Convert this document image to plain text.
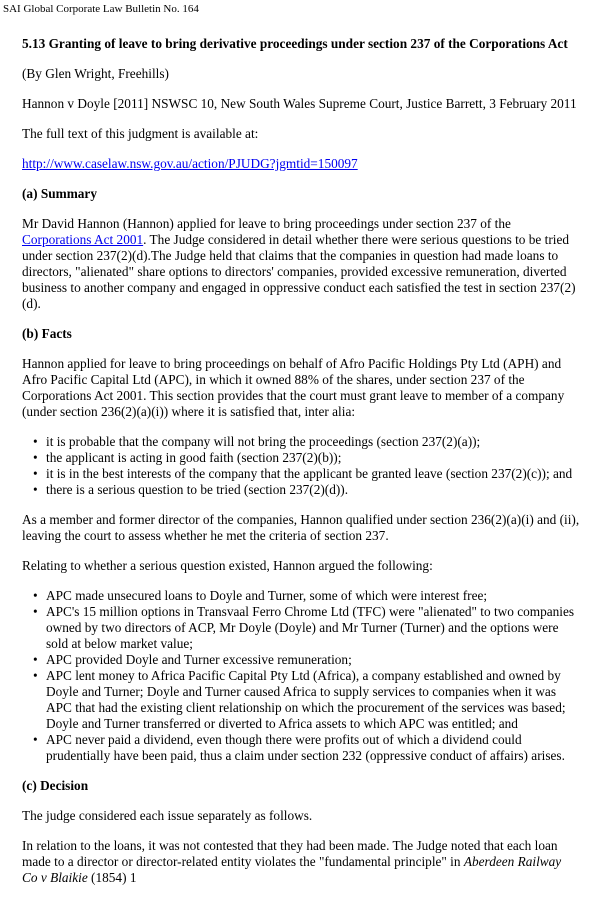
SAI Global Corporate Law Bulletin No. 164
5.13 Granting of leave to bring derivative proceedings under section 237 of the Corporations Act

(By Glen Wright, Freehills)

Hannon v Doyle [2011] NSWSC 10, New South Wales Supreme Court, Justice Barrett, 3 February 2011

The full text of this judgment is available at:

http://www.caselaw.nsw.gov.au/action/PJUDG?jgmtid=150097

(a) Summary

Mr David Hannon (Hannon) applied for leave to bring proceedings under section 237 of the Corporations Act 2001. The Judge considered in detail whether there were serious questions to be tried under section 237(2)(d).The Judge held that claims that the companies in question had made loans to directors, "alienated" share options to directors' companies, provided excessive remuneration, diverted business to another company and engaged in oppressive conduct each satisfied the test in section 237(2)(d).

(b) Facts

Hannon applied for leave to bring proceedings on behalf of Afro Pacific Holdings Pty Ltd (APH) and Afro Pacific Capital Ltd (APC), in which it owned 88% of the shares, under section 237 of the Corporations Act 2001. This section provides that the court must grant leave to member of a company (under section 236(2)(a)(i)) where it is satisfied that, inter alia:

• it is probable that the company will not bring the proceedings (section 237(2)(a));
• the applicant is acting in good faith (section 237(2)(b));
• it is in the best interests of the company that the applicant be granted leave (section 237(2)(c)); and
• there is a serious question to be tried (section 237(2)(d)).

As a member and former director of the companies, Hannon qualified under section 236(2)(a)(i) and (ii), leaving the court to assess whether he met the criteria of section 237.

Relating to whether a serious question existed, Hannon argued the following:

• APC made unsecured loans to Doyle and Turner, some of which were interest free;
• APC's 15 million options in Transvaal Ferro Chrome Ltd (TFC) were "alienated" to two companies owned by two directors of ACP, Mr Doyle (Doyle) and Mr Turner (Turner) and the options were sold at below market value;
• APC provided Doyle and Turner excessive remuneration;
• APC lent money to Africa Pacific Capital Pty Ltd (Africa), a company established and owned by Doyle and Turner; Doyle and Turner caused Africa to supply services to companies when it was APC that had the existing client relationship on which the procurement of the services was based; Doyle and Turner transferred or diverted to Africa assets to which APC was entitled; and
• APC never paid a dividend, even though there were profits out of which a dividend could prudentially have been paid, thus a claim under section 232 (oppressive conduct of affairs) arises.
(c) Decision

The judge considered each issue separately as follows.

In relation to the loans, it was not contested that they had been made. The Judge noted that each loan made to a director or director-related entity violates the "fundamental principle" in Aberdeen Railway Co v Blaikie (1854) 1
